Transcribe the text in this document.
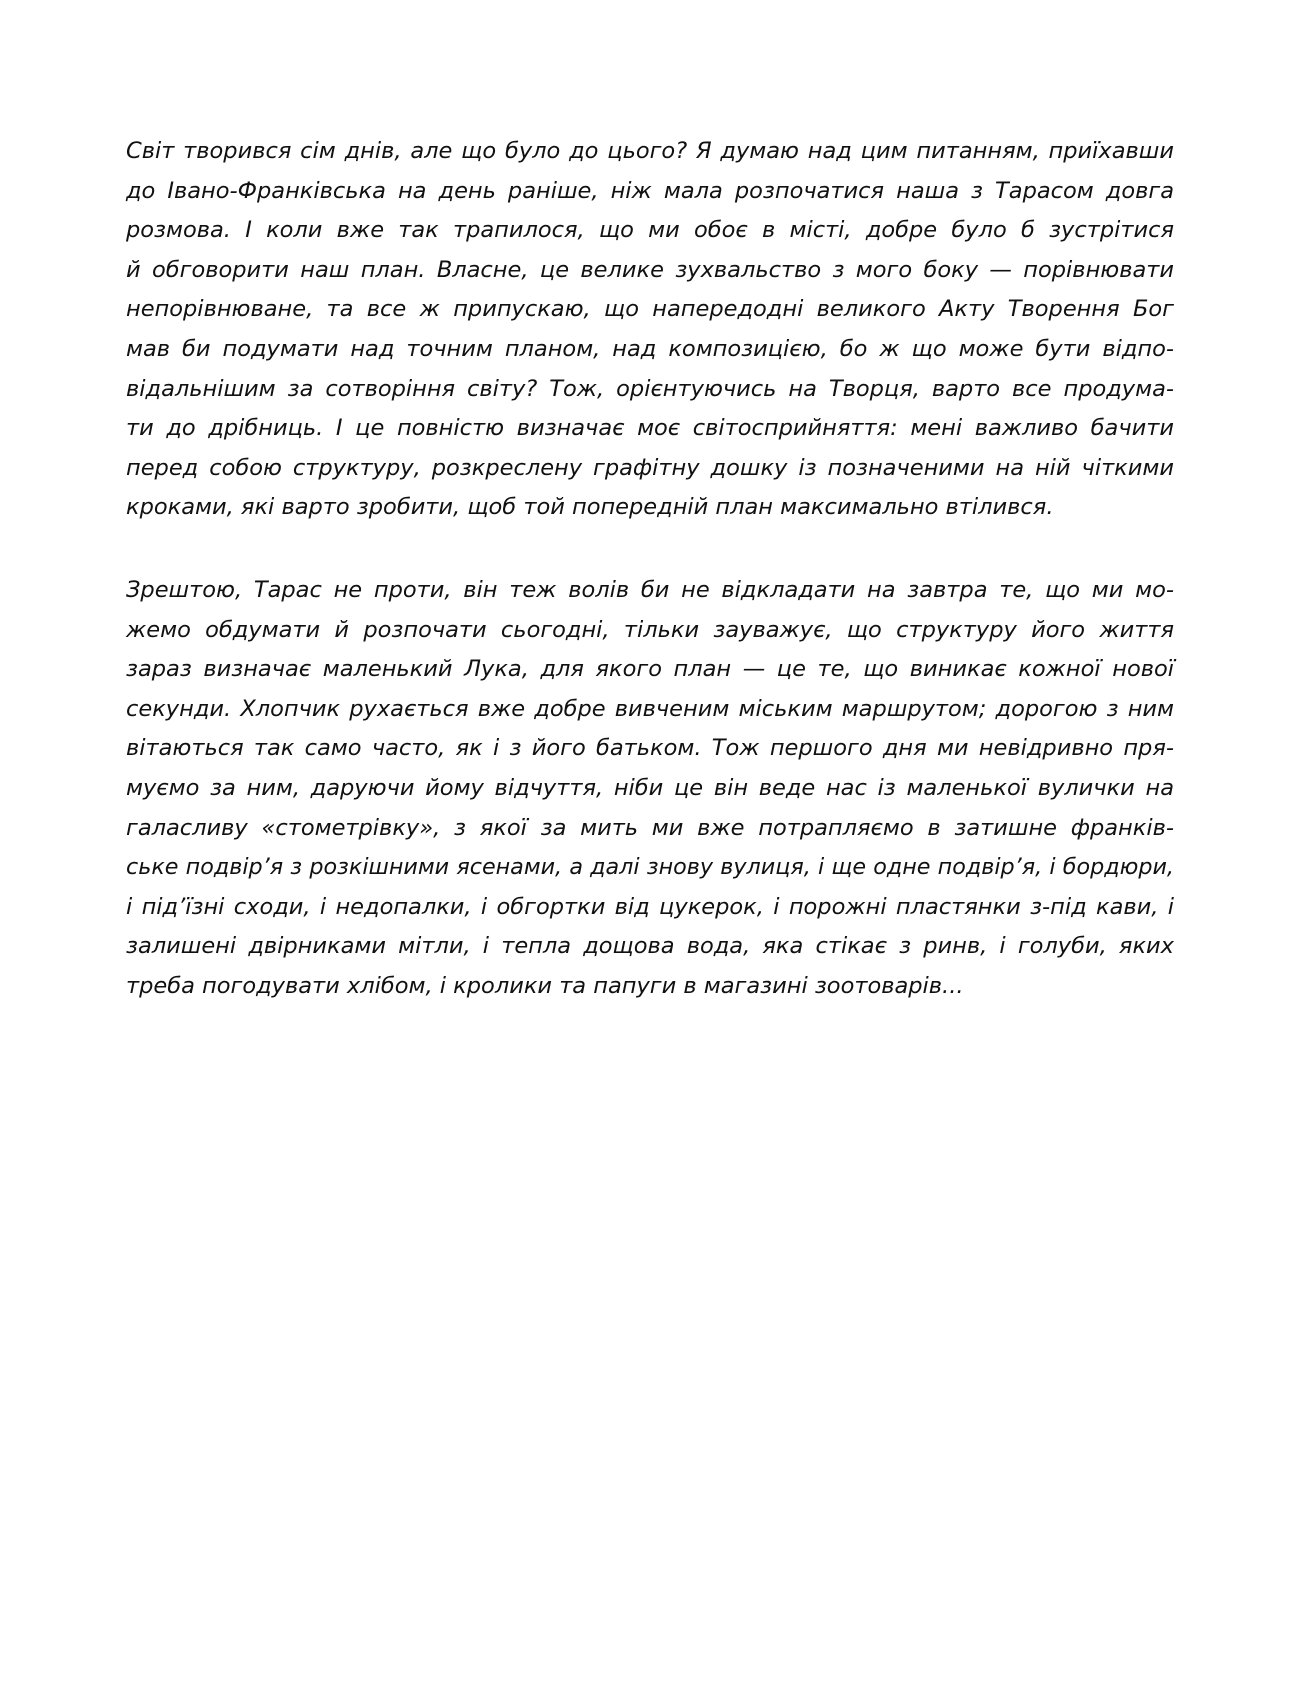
Світ творився сім днів, але що було до цього? Я думаю над цим питанням, приїхавши
до Івано-Франківська на день раніше, ніж мала розпочатися наша з Тарасом довга
розмова. І коли вже так трапилося, що ми обоє в місті, добре було б зустрітися
й обговорити наш план. Власне, це велике зухвальство з мого боку — порівнювати
непорівнюване, та все ж припускаю, що напередодні великого Акту Творення Бог
мав би подумати над точним планом, над композицією, бо ж що може бути відпо-
відальнішим за сотворіння світу? Тож, орієнтуючись на Творця, варто все продума-
ти до дрібниць. І це повністю визначає моє світосприйняття: мені важливо бачити
перед собою структуру, розкреслену графітну дошку із позначеними на ній чіткими
кроками, які варто зробити, щоб той попередній план максимально втілився.

Зрештою, Тарас не проти, він теж волів би не відкладати на завтра те, що ми мо-
жемо обдумати й розпочати сьогодні, тільки зауважує, що структуру його життя
зараз визначає маленький Лука, для якого план — це те, що виникає кожної нової
секунди. Хлопчик рухається вже добре вивченим міським маршрутом; дорогою з ним
вітаються так само часто, як і з його батьком. Тож першого дня ми невідривно пря-
муємо за ним, даруючи йому відчуття, ніби це він веде нас із маленької вулички на
галасливу «стометрівку», з якої за мить ми вже потрапляємо в затишне франків-
ське подвір’я з розкішними ясенами, а далі знову вулиця, і ще одне подвір’я, і бордюри,
і під’їзні сходи, і недопалки, і обгортки від цукерок, і порожні пластянки з-під кави, і
залишені двірниками мітли, і тепла дощова вода, яка стікає з ринв, і голуби, яких
треба погодувати хлібом, і кролики та папуги в магазині зоотоварів...
